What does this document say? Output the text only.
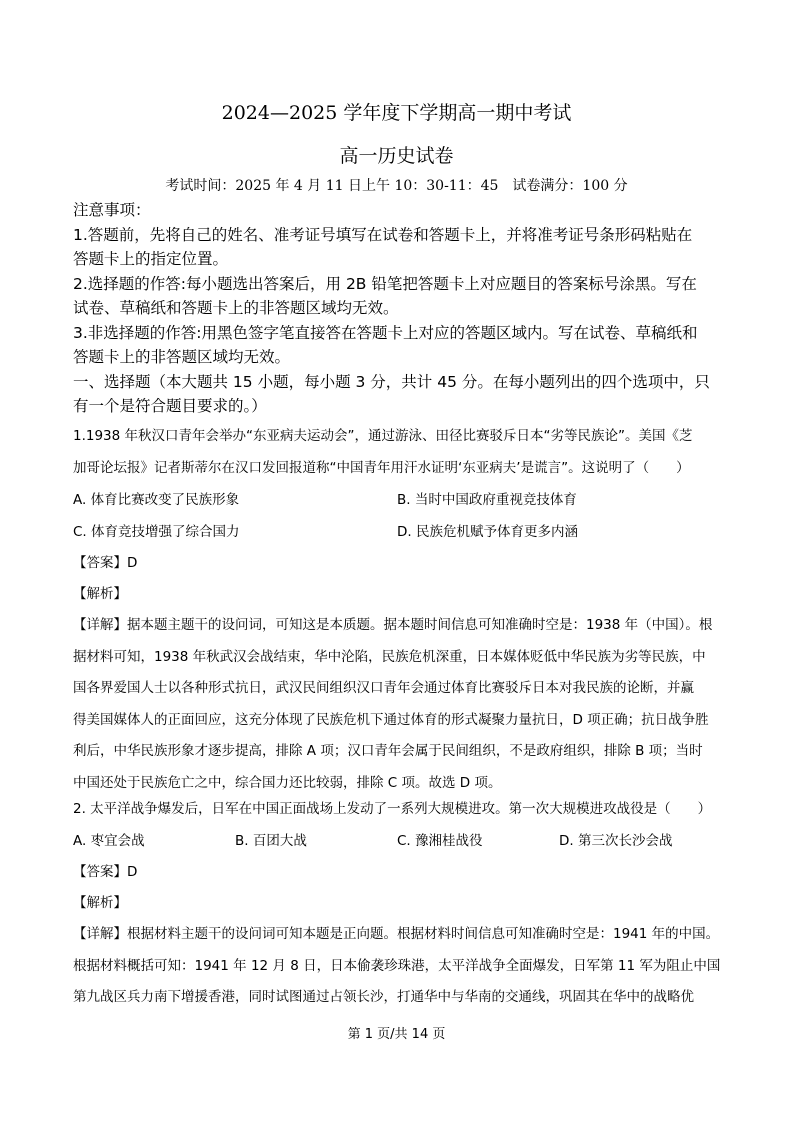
2024—2025 学年度下学期高一期中考试
高一历史试卷
考试时间：2025 年 4 月 11 日上午 10：30-11：45　试卷满分：100 分

注意事项：

1.答题前，先将自己的姓名、准考证号填写在试卷和答题卡上，并将准考证号条形码粘贴在

答题卡上的指定位置。

2.选择题的作答:每小题选出答案后，用 2B 铅笔把答题卡上对应题目的答案标号涂黑。写在

试卷、草稿纸和答题卡上的非答题区域均无效。

3.非选择题的作答:用黑色签字笔直接答在答题卡上对应的答题区域内。写在试卷、草稿纸和

答题卡上的非答题区域均无效。

一、选择题（本大题共 15 小题，每小题 3 分，共计 45 分。在每小题列出的四个选项中，只

有一个是符合题目要求的。）

1.1938 年秋汉口青年会举办“东亚病夫运动会”，通过游泳、田径比赛驳斥日本“劣等民族论”。美国《芝

加哥论坛报》记者斯蒂尔在汉口发回报道称“中国青年用汗水证明‘东亚病夫’是谎言”。这说明了（　　）

A. 体育比赛改变了民族形象	B. 当时中国政府重视竞技体育
C. 体育竞技增强了综合国力	D. 民族危机赋予体育更多内涵

【答案】D

【解析】

【详解】据本题主题干的设问词，可知这是本质题。据本题时间信息可知准确时空是：1938 年（中国）。根

据材料可知，1938 年秋武汉会战结束，华中沦陷，民族危机深重，日本媒体贬低中华民族为劣等民族，中

国各界爱国人士以各种形式抗日，武汉民间组织汉口青年会通过体育比赛驳斥日本对我民族的论断，并赢

得美国媒体人的正面回应，这充分体现了民族危机下通过体育的形式凝聚力量抗日，D 项正确；抗日战争胜

利后，中华民族形象才逐步提高，排除 A 项；汉口青年会属于民间组织，不是政府组织，排除 B 项；当时

中国还处于民族危亡之中，综合国力还比较弱，排除 C 项。故选 D 项。

2. 太平洋战争爆发后，日军在中国正面战场上发动了一系列大规模进攻。第一次大规模进攻战役是（　　）

A. 枣宜会战	B. 百团大战	C. 豫湘桂战役	D. 第三次长沙会战

【答案】D

【解析】

【详解】根据材料主题干的设问词可知本题是正向题。根据材料时间信息可知准确时空是：1941 年的中国。

根据材料概括可知：1941 年 12 月 8 日，日本偷袭珍珠港，太平洋战争全面爆发，日军第 11 军为阻止中国

第九战区兵力南下增援香港，同时试图通过占领长沙，打通华中与华南的交通线，巩固其在华中的战略优

第 1 页/共 14 页
